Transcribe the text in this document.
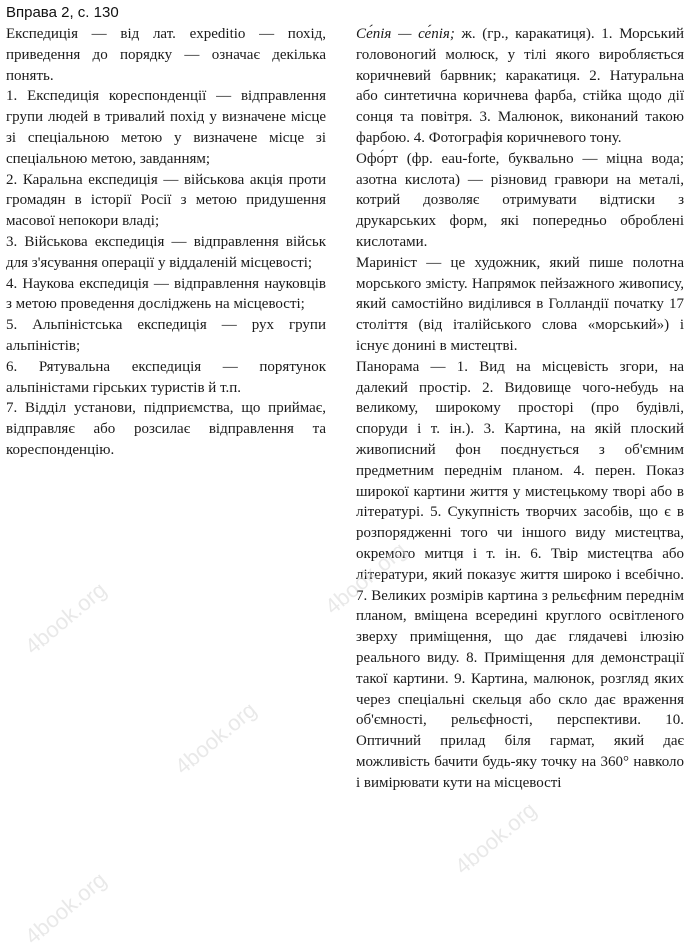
Вправа 2, с. 130

Експедиція — від лат. expeditio — похід, приведення до порядку — означає декілька понять.

1. Експедиція кореспонденції — відправлення групи людей в тривалий похід у визначене місце зі спеціальною метою у визначене місце зі спеціальною метою, завданням;

2. Каральна експедиція — військова акція проти громадян в історії Росії з метою придушення масової непокори владі;

3. Військова експедиція — відправлення військ для з'ясування операції у віддаленій місцевості;

4. Наукова експедиція — відправлення науковців з метою проведення досліджень на місцевості;

5. Альпіністська експедиція — рух групи альпіністів;

6. Рятувальна експедиція — порятунок альпіністами гірських туристів й т.п.

7. Відділ установи, підприємства, що приймає, відправляє або розсилає відправлення та кореспонденцію.

Се́пія — се́пія; ж. (гр., каракатиця). 1. Морський головоногий молюск, у тілі якого виробляється коричневий барвник; каракатиця. 2. Натуральна або синтетична коричнева фарба, стійка щодо дії сонця та повітря. 3. Малюнок, виконаний такою фарбою. 4. Фотографія коричневого тону.

Офо́рт (фр. eau-forte, буквально — міцна вода; азотна кислота) — різновид гравюри на металі, котрий дозволяє отримувати відтиски з друкарських форм, які попередньо оброблені кислотами.

Мариніст — це художник, який пише полотна морського змісту. Напрямок пейзажного живопису, який самостійно виділився в Голландії початку 17 століття (від італійського слова «морський») і існує донині в мистецтві.

Панорама — 1. Вид на місцевість згори, на далекий простір. 2. Видовище чого-небудь на великому, широкому просторі (про будівлі, споруди і т. ін.). 3. Картина, на якій плоский живописний фон поєднується з об'ємним предметним переднім планом. 4. перен. Показ широкої картини життя у мистецькому творі або в літературі. 5. Сукупність творчих засобів, що є в розпорядженні того чи іншого виду мистецтва, окремого митця і т. ін. 6. Твір мистецтва або літератури, який показує життя широко і всебічно. 7. Великих розмірів картина з рельєфним переднім планом, вміщена всередині круглого освітленого зверху приміщення, що дає глядачеві ілюзію реального виду. 8. Приміщення для демонстрації такої картини. 9. Картина, малюнок, розгляд яких через спеціальні скельця або скло дає враження об'ємності, рельєфності, перспективи. 10. Оптичний прилад біля гармат, який дає можливість бачити будь-яку точку на 360° навколо і вимірювати кути на місцевості

4book.org
4book.org
4book.org
4book.org
4book.org
